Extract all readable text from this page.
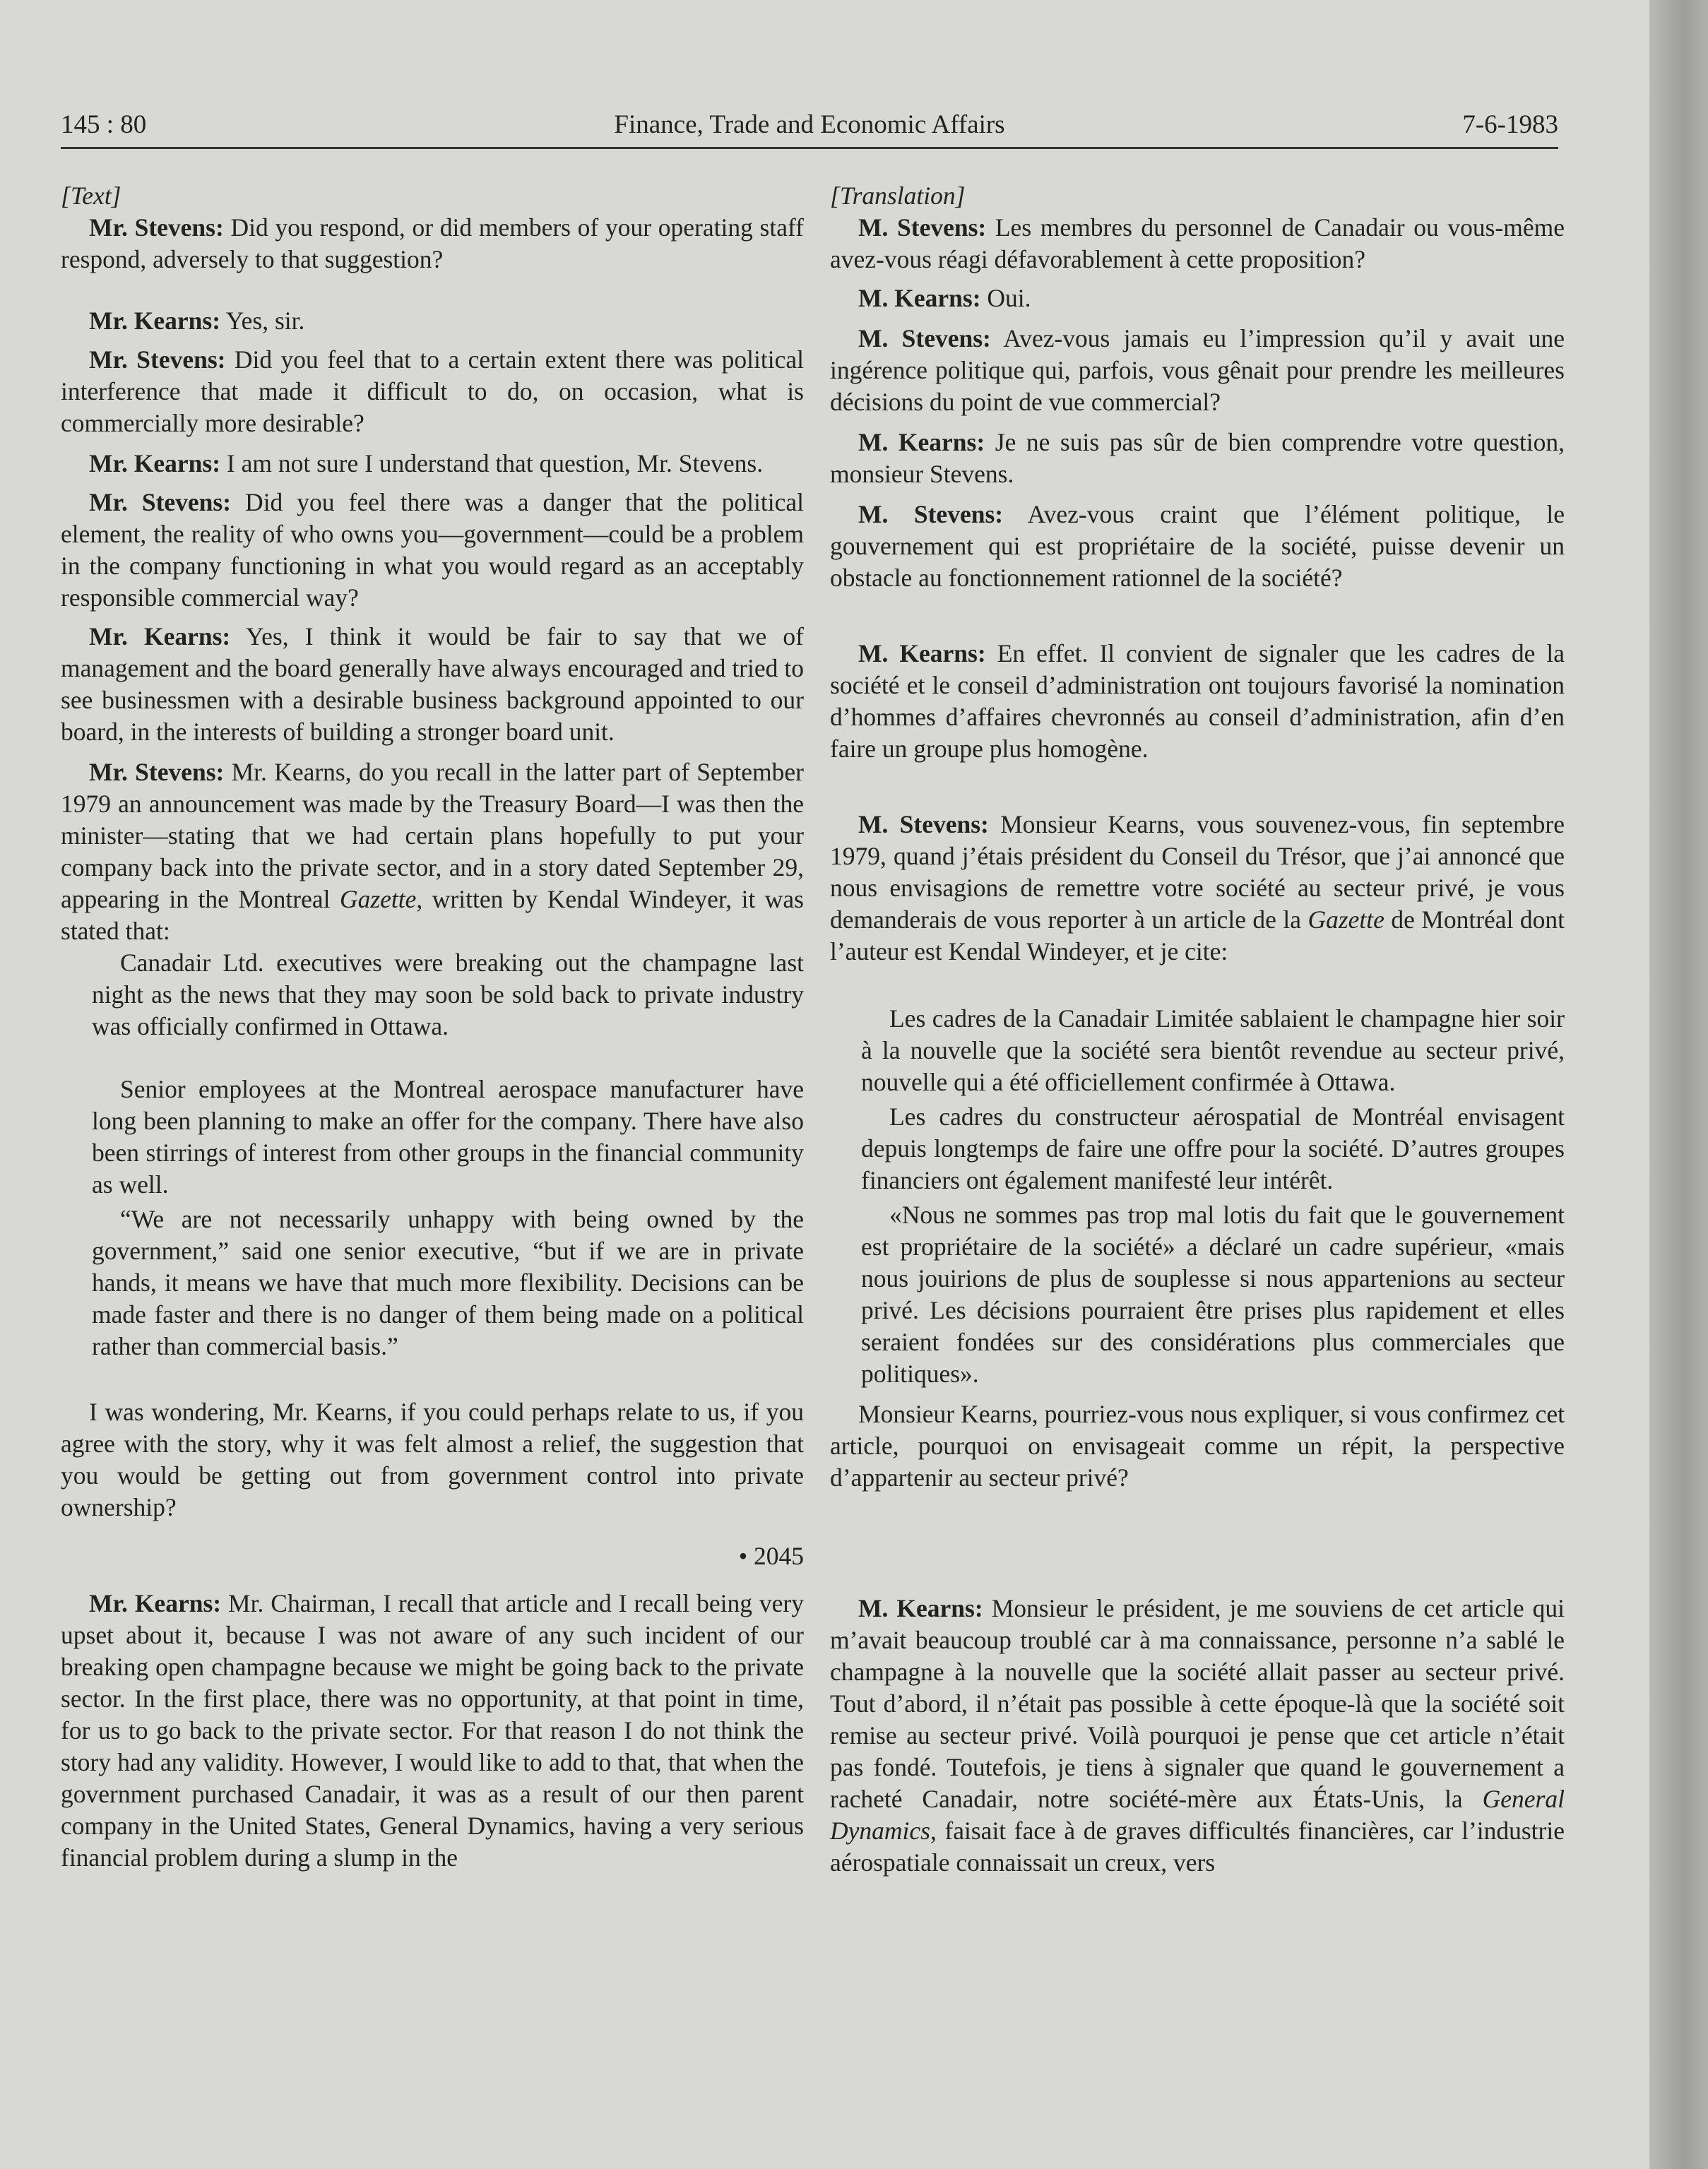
145 : 80	Finance, Trade and Economic Affairs	7-6-1983

[Text]

Mr. Stevens: Did you respond, or did members of your operating staff respond, adversely to that suggestion?

Mr. Kearns: Yes, sir.

Mr. Stevens: Did you feel that to a certain extent there was political interference that made it difficult to do, on occasion, what is commercially more desirable?

Mr. Kearns: I am not sure I understand that question, Mr. Stevens.

Mr. Stevens: Did you feel there was a danger that the political element, the reality of who owns you—government—could be a problem in the company functioning in what you would regard as an acceptably responsible commercial way?

Mr. Kearns: Yes, I think it would be fair to say that we of management and the board generally have always encouraged and tried to see businessmen with a desirable business background appointed to our board, in the interests of building a stronger board unit.

Mr. Stevens: Mr. Kearns, do you recall in the latter part of September 1979 an announcement was made by the Treasury Board—I was then the minister—stating that we had certain plans hopefully to put your company back into the private sector, and in a story dated September 29, appearing in the Montreal Gazette, written by Kendal Windeyer, it was stated that:

Canadair Ltd. executives were breaking out the champagne last night as the news that they may soon be sold back to private industry was officially confirmed in Ottawa.

Senior employees at the Montreal aerospace manufacturer have long been planning to make an offer for the company. There have also been stirrings of interest from other groups in the financial community as well.

“We are not necessarily unhappy with being owned by the government,” said one senior executive, “but if we are in private hands, it means we have that much more flexibility. Decisions can be made faster and there is no danger of them being made on a political rather than commercial basis.”

I was wondering, Mr. Kearns, if you could perhaps relate to us, if you agree with the story, why it was felt almost a relief, the suggestion that you would be getting out from government control into private ownership?

• 2045

Mr. Kearns: Mr. Chairman, I recall that article and I recall being very upset about it, because I was not aware of any such incident of our breaking open champagne because we might be going back to the private sector. In the first place, there was no opportunity, at that point in time, for us to go back to the private sector. For that reason I do not think the story had any validity. However, I would like to add to that, that when the government purchased Canadair, it was as a result of our then parent company in the United States, General Dynamics, having a very serious financial problem during a slump in the

[Translation]

M. Stevens: Les membres du personnel de Canadair ou vous-même avez-vous réagi défavorablement à cette proposition?

M. Kearns: Oui.

M. Stevens: Avez-vous jamais eu l’impression qu’il y avait une ingérence politique qui, parfois, vous gênait pour prendre les meilleures décisions du point de vue commercial?

M. Kearns: Je ne suis pas sûr de bien comprendre votre question, monsieur Stevens.

M. Stevens: Avez-vous craint que l’élément politique, le gouvernement qui est propriétaire de la société, puisse devenir un obstacle au fonctionnement rationnel de la société?

M. Kearns: En effet. Il convient de signaler que les cadres de la société et le conseil d’administration ont toujours favorisé la nomination d’hommes d’affaires chevronnés au conseil d’administration, afin d’en faire un groupe plus homogène.

M. Stevens: Monsieur Kearns, vous souvenez-vous, fin septembre 1979, quand j’étais président du Conseil du Trésor, que j’ai annoncé que nous envisagions de remettre votre société au secteur privé, je vous demanderais de vous reporter à un article de la Gazette de Montréal dont l’auteur est Kendal Windeyer, et je cite:

Les cadres de la Canadair Limitée sablaient le champagne hier soir à la nouvelle que la société sera bientôt revendue au secteur privé, nouvelle qui a été officiellement confirmée à Ottawa.

Les cadres du constructeur aérospatial de Montréal envisagent depuis longtemps de faire une offre pour la société. D’autres groupes financiers ont également manifesté leur intérêt.

«Nous ne sommes pas trop mal lotis du fait que le gouvernement est propriétaire de la société» a déclaré un cadre supérieur, «mais nous jouirions de plus de souplesse si nous appartenions au secteur privé. Les décisions pourraient être prises plus rapidement et elles seraient fondées sur des considérations plus commerciales que politiques».

Monsieur Kearns, pourriez-vous nous expliquer, si vous confirmez cet article, pourquoi on envisageait comme un répit, la perspective d’appartenir au secteur privé?

M. Kearns: Monsieur le président, je me souviens de cet article qui m’avait beaucoup troublé car à ma connaissance, personne n’a sablé le champagne à la nouvelle que la société allait passer au secteur privé. Tout d’abord, il n’était pas possible à cette époque-là que la société soit remise au secteur privé. Voilà pourquoi je pense que cet article n’était pas fondé. Toutefois, je tiens à signaler que quand le gouvernement a racheté Canadair, notre société-mère aux États-Unis, la General Dynamics, faisait face à de graves difficultés financières, car l’industrie aérospatiale connaissait un creux, vers
